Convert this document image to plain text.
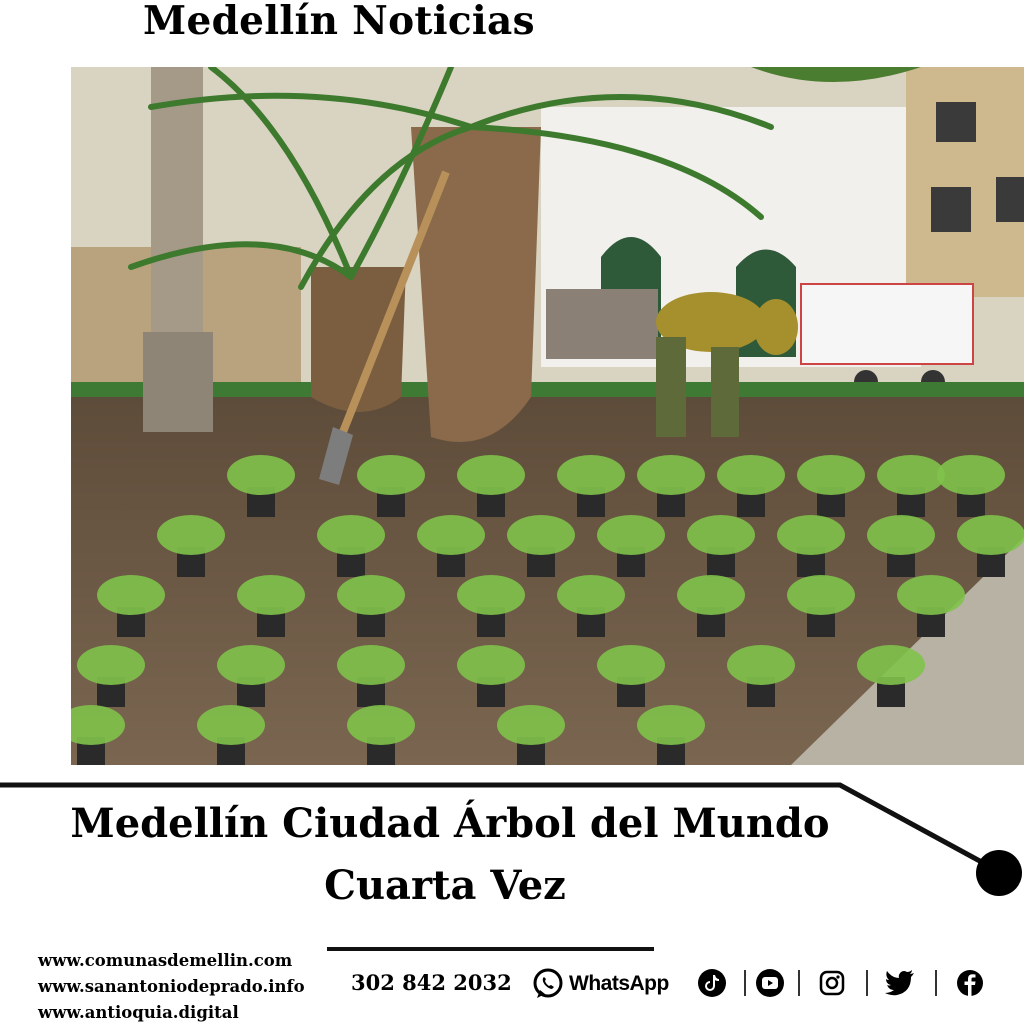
Medellín Noticias
Medellín Ciudad Árbol del Mundo
Cuarta Vez
www.comunasdemellin.com
www.sanantoniodeprado.info
www.antioquia.digital
302 842 2032	WhatsApp
